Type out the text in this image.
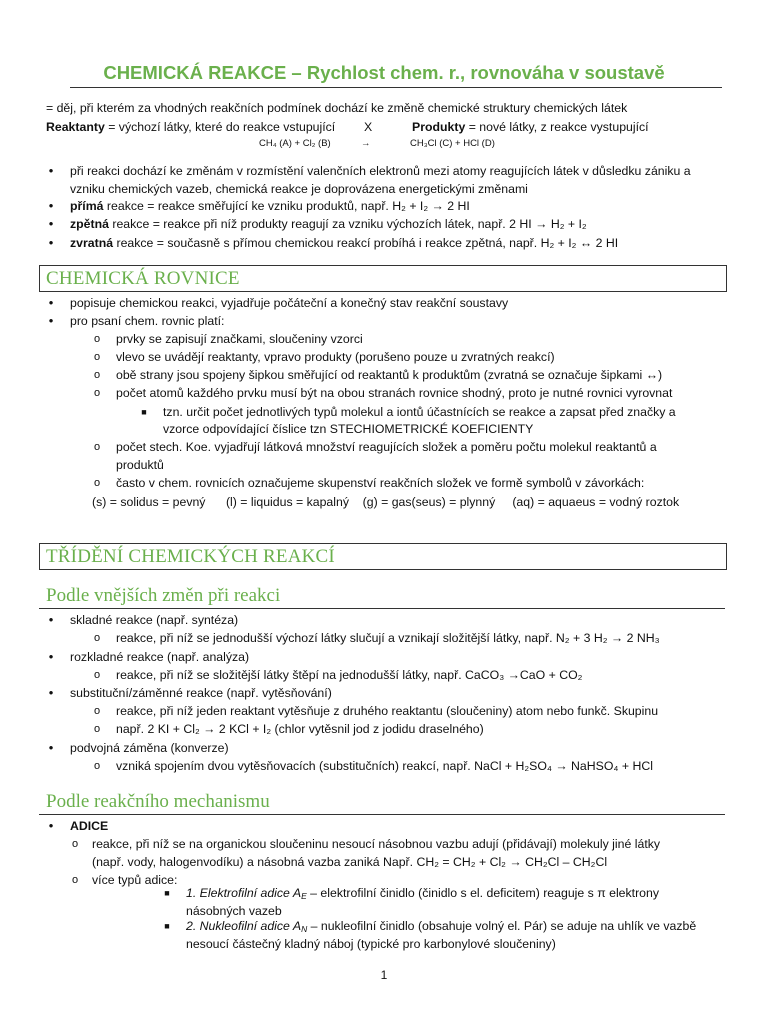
CHEMICKÁ REAKCE – Rychlost chem. r., rovnováha v soustavě
= děj, při kterém za vhodných reakčních podmínek dochází ke změně chemické struktury chemických látek
Reaktanty = výchozí látky, které do reakce vstupující X	Produkty = nové látky, z reakce vystupující
CH₄ (A) + Cl₂ (B)	→	CH₃Cl (C) + HCl (D)
• při reakci dochází ke změnám v rozmístění valenčních elektronů mezi atomy reagujících látek v důsledku zániku a
vzniku chemických vazeb, chemická reakce je doprovázena energetickými změnami
• přímá reakce = reakce směřující ke vzniku produktů, např. H₂ + I₂ → 2 HI
• zpětná reakce = reakce při níž produkty reagují za vzniku výchozích látek, např. 2 HI → H₂ + I₂
• zvratná reakce = současně s přímou chemickou reakcí probíhá i reakce zpětná, např. H₂ + I₂ ↔ 2 HI
CHEMICKÁ ROVNICE
• popisuje chemickou reakci, vyjadřuje počáteční a konečný stav reakční soustavy
• pro psaní chem. rovnic platí:
o prvky se zapisují značkami, sloučeniny vzorci
o vlevo se uvádějí reaktanty, vpravo produkty (porušeno pouze u zvratných reakcí)
o obě strany jsou spojeny šipkou směřující od reaktantů k produktům (zvratná se označuje šipkami ↔)
o počet atomů každého prvku musí být na obou stranách rovnice shodný, proto je nutné rovnici vyrovnat
■ tzn. určit počet jednotlivých typů molekul a iontů účastnících se reakce a zapsat před značky a
vzorce odpovídající číslice tzn STECHIOMETRICKÉ KOEFICIENTY
o počet stech. Koe. vyjadřují látková množství reagujících složek a poměru počtu molekul reaktantů a
produktů
o často v chem. rovnicích označujeme skupenství reakčních složek ve formě symbolů v závorkách:
(s) = solidus = pevný      (l) = liquidus = kapalný    (g) = gas(seus) = plynný     (aq) = aquaeus = vodný roztok
TŘÍDĚNÍ CHEMICKÝCH REAKCÍ
Podle vnějších změn při reakci
• skladné reakce (např. syntéza)
o reakce, při níž se jednodušší výchozí látky slučují a vznikají složitější látky, např. N₂ + 3 H₂ → 2 NH₃
• rozkladné reakce (např. analýza)
o reakce, při níž se složitější látky štěpí na jednodušší látky, např. CaCO₃ →CaO + CO₂
• substituční/záměnné reakce (např. vytěsňování)
o reakce, při níž jeden reaktant vytěsňuje z druhého reaktantu (sloučeniny) atom nebo funkč. Skupinu
o např. 2 KI + Cl₂ → 2 KCl + I₂ (chlor vytěsnil jod z jodidu draselného)
• podvojná záměna (konverze)
o vzniká spojením dvou vytěsňovacích (substitučních) reakcí, např. NaCl + H₂SO₄ → NaHSO₄ + HCl
Podle reakčního mechanismu
• ADICE
o reakce, při níž se na organickou sloučeninu nesoucí násobnou vazbu adují (přidávají) molekuly jiné látky
(např. vody, halogenvodíku) a násobná vazba zaniká Např. CH₂ = CH₂ + Cl₂ → CH₂Cl – CH₂Cl
o více typů adice:
■ 1. Elektrofilní adice $A_E$ – elektrofilní činidlo (činidlo s el. deficitem) reaguje s π elektrony
násobných vazeb
■ 2. Nukleofilní adice $A_N$ – nukleofilní činidlo (obsahuje volný el. Pár) se aduje na uhlík ve vazbě
nesoucí částečný kladný náboj (typické pro karbonylové sloučeniny)
1
